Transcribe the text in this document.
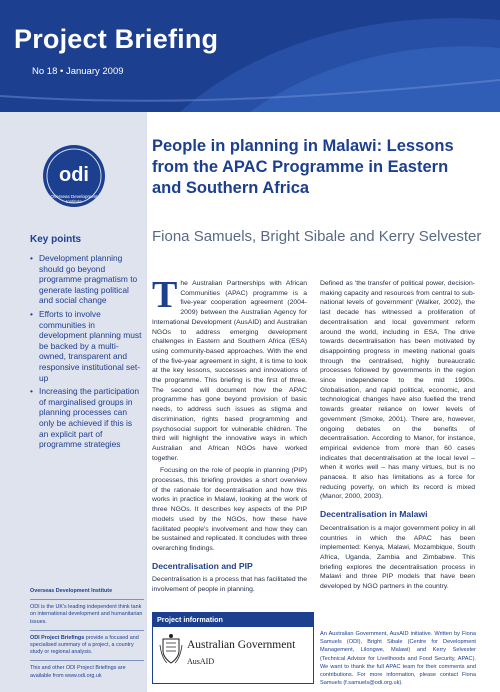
Project Briefing
No 18 • January 2009
odi
Overseas Development Institute
Key points
• Development planning should go beyond programme pragmatism to generate lasting political and social change
• Efforts to involve communities in development planning must be backed by a multi-owned, transparent and responsive institutional set-up
• Increasing the participation of marginalised groups in planning processes can only be achieved if this is an explicit part of programme strategies

Overseas Development Institute

ODI is the UK's leading independent think tank on international development and humanitarian issues.

ODI Project Briefings provide a focused and specialised summary of a project, a country study or regional analysis.

This and other ODI Project Briefings are available from www.odi.org.uk

People in planning in Malawi: Lessons from the APAC Programme in Eastern and Southern Africa
Fiona Samuels, Bright Sibale and Kerry Selvester

The Australian Partnerships with African Communities (APAC) programme is a five-year cooperation agreement (2004-2009) between the Australian Agency for International Development (AusAID) and Australian NGOs to address emerging development challenges in Eastern and Southern Africa (ESA) using community-based approaches. With the end of the five-year agreement in sight, it is time to look at the key lessons, successes and innovations of the programme. This briefing is the first of three. The second will document how the APAC programme has gone beyond provision of basic needs, to address such issues as stigma and discrimination, rights based programming and psychosocial support for vulnerable children. The third will highlight the innovative ways in which Australian and African NGOs have worked together.

Focusing on the role of people in planning (PIP) processes, this briefing provides a short overview of the rationale for decentralisation and how this works in practice in Malawi, looking at the work of three NGOs. It describes key aspects of the PIP models used by the NGOs, how these have facilitated people's involvement and how they can be sustained and replicated. It concludes with three overarching findings.

Decentralisation and PIP

Decentralisation is a process that has facilitated the involvement of people in planning.

Defined as 'the transfer of political power, decision-making capacity and resources from central to sub-national levels of government' (Walker, 2002), the last decade has witnessed a proliferation of decentralisation and local government reform around the world, including in ESA. The drive towards decentralisation has been motivated by disappointing progress in meeting national goals through the centralised, highly bureaucratic processes followed by governments in the region since independence to the mid 1990s. Globalisation, and rapid political, economic, and technological changes have also fuelled the trend towards greater reliance on lower levels of government (Smoke, 2001). There are, however, ongoing debates on the benefits of decentralisation. According to Manor, for instance, empirical evidence from more than 60 cases indicates that decentralisation at the local level – when it works well – has many virtues, but is no panacea. It also has limitations as a force for reducing poverty, on which its record is mixed (Manor, 2000, 2003).

Decentralisation in Malawi

Decentralisation is a major government policy in all countries in which the APAC has been implemented: Kenya, Malawi, Mozambique, South Africa, Uganda, Zambia and Zimbabwe. This briefing explores the decentralisation process in Malawi and three PIP models that have been developed by NGO partners in the country.

Project information
Australian Government
AusAID
An Australian Government, AusAID initiative. Written by Fiona Samuels (ODI), Bright Sibale (Centre for Development Management, Lilongwe, Malawi) and Kerry Selvester (Technical Advisor for Livelihoods and Food Security, APAC). We want to thank the full APAC team for their comments and contributions. For more information, please contact Fiona Samuels (f.samuels@odi.org.uk).
